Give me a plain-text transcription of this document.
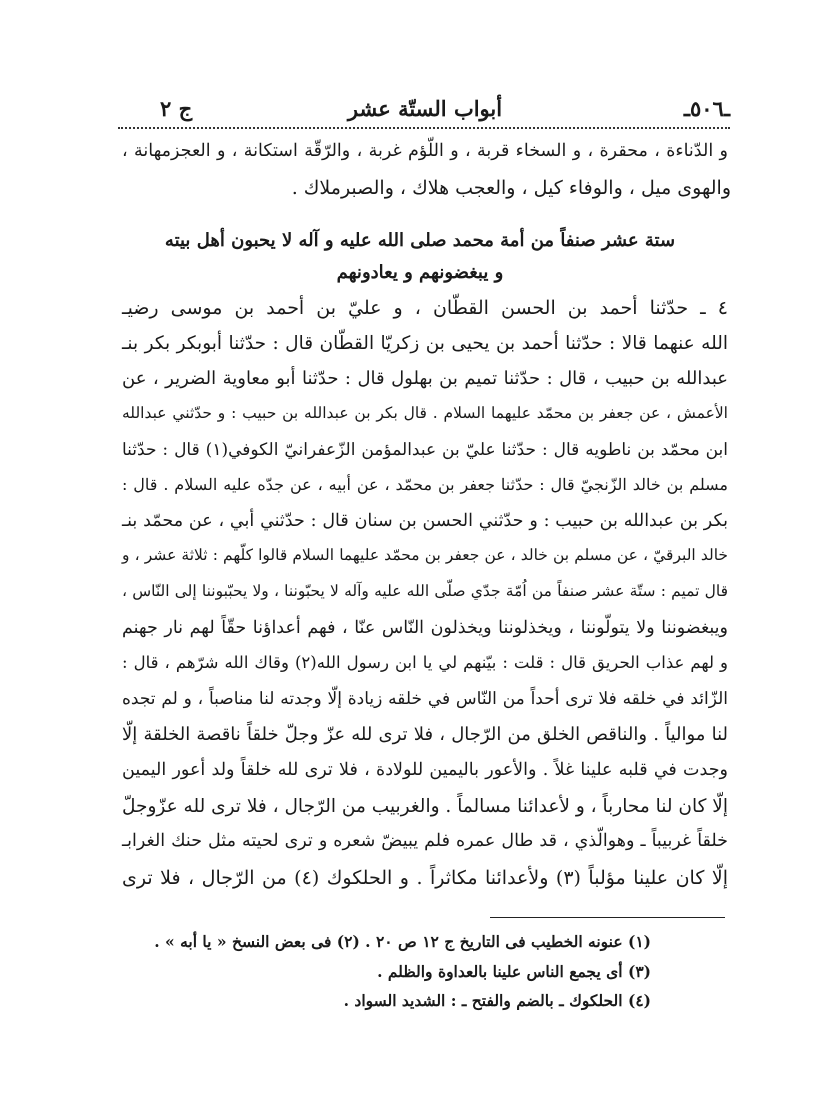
ـ٥٠٦ـ
أبواب الستّة عشر
ج ٢
و الدّناءة ، محقرة ، و السخاء قربة ، و اللّؤم غربة ، والرّقّة استكانة ، و العجزمهانة ،
والهوى ميل ، والوفاء كيل ، والعجب هلاك ، والصبرملاك .
ستة عشر صنفاً من أمة محمد صلى الله عليه و آله لا يحبون أهل بيته
و يبغضونهم و يعادونهم
٤ ـ حدّثنا أحمد بن الحسن القطّان ، و عليّ بن أحمد بن موسى رضيـ
الله عنهما قالا : حدّثنا أحمد بن يحيى بن زكريّا القطّان قال : حدّثنا أبوبكر بكر بنـ
عبدالله بن حبيب ، قال : حدّثنا تميم بن بهلول قال : حدّثنا أبو معاوية الضرير ، عن
الأعمش ، عن جعفر بن محمّد عليهما السلام . قال بكر بن عبدالله بن حبيب : و حدّثني عبدالله
ابن محمّد بن ناطويه قال : حدّثنا عليّ بن عبدالمؤمن الزّعفرانيّ الكوفي(١) قال : حدّثنا
مسلم بن خالد الزّنجيّ قال : حدّثنا جعفر بن محمّد ، عن أبيه ، عن جدّه عليه السلام . قال :
بكر بن عبدالله بن حبيب : و حدّثني الحسن بن سنان قال : حدّثني أبي ، عن محمّد بنـ
خالد البرقيّ ، عن مسلم بن خالد ، عن جعفر بن محمّد عليهما السلام قالوا كلّهم : ثلاثة عشر ، و
قال تميم : ستّة عشر صنفاً من اُمّة جدّي صلّى الله عليه وآله لا يحبّوننا ، ولا يحبّبوننا إلى النّاس ،
ويبغضوننا ولا يتولّوننا ، ويخذلوننا ويخذلون النّاس عنّا ، فهم أعداؤنا حقّاً لهم نار جهنم
و لهم عذاب الحريق قال : قلت : بيّنهم لي يا ابن رسول الله(٢) وقاك الله شرّهم ، قال :
الزّائد في خلقه فلا ترى أحداً من النّاس في خلقه زيادة إلّا وجدته لنا مناصباً ، و لم تجده
لنا موالياً . والناقص الخلق من الرّجال ، فلا ترى لله عزّ وجلّ خلقاً ناقصة الخلقة إلّا
وجدت في قلبه علينا غلاً . والأعور باليمين للولادة ، فلا ترى لله خلقاً ولد أعور اليمين
إلّا كان لنا محارباً ، و لأعدائنا مسالماً . والغربيب من الرّجال ، فلا ترى لله عزّوجلّ
خلقاً غربيباً ـ وهوالّذي ، قد طال عمره فلم يبيضّ شعره و ترى لحيته مثل حنك الغرابـ
إلّا كان علينا مؤلباً (٣) ولأعدائنا مكاثراً . و الحلكوك (٤) من الرّجال ، فلا ترى
(١) عنونه الخطيب فى التاريخ ج ١٢ ص ٢٠ . (٢) فى بعض النسخ « يا أبه » .
(٣) أى يجمع الناس علينا بالعداوة والظلم .
(٤) الحلكوك ـ بالضم والفتح ـ : الشديد السواد .
